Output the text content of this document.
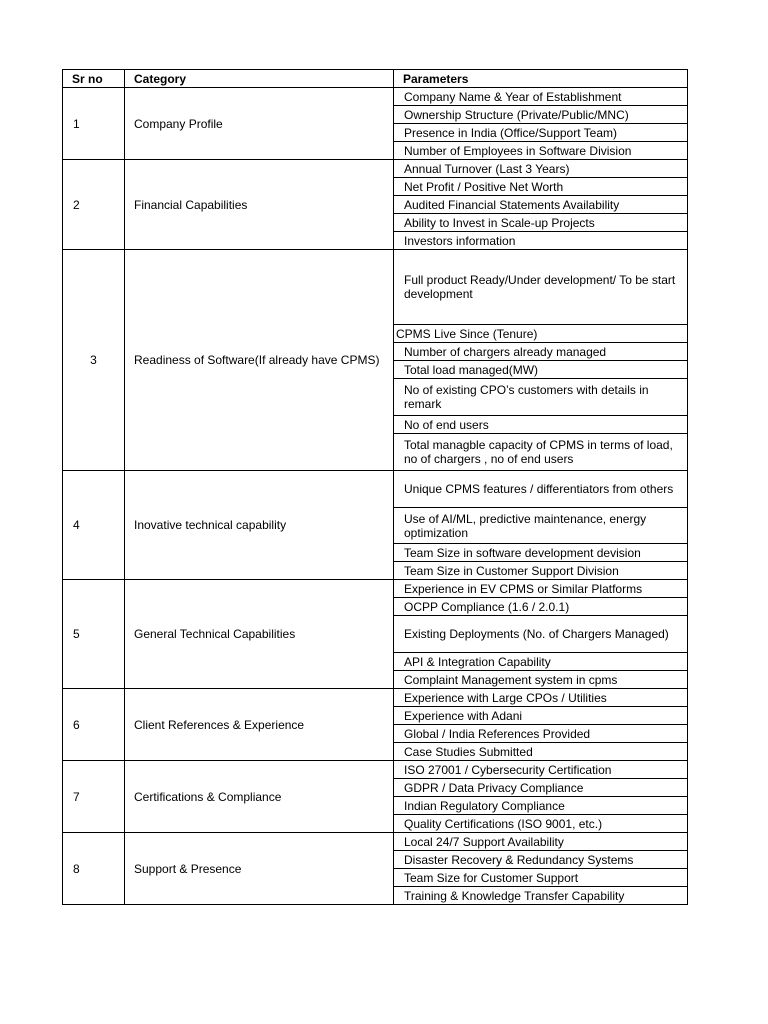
Sr no	Category	Parameters
1	Company Profile	Company Name & Year of Establishment
		Ownership Structure (Private/Public/MNC)
		Presence in India (Office/Support Team)
		Number of Employees in Software Division
2	Financial Capabilities	Annual Turnover (Last 3 Years)
		Net Profit / Positive Net Worth
		Audited Financial Statements Availability
		Ability to Invest in Scale-up Projects
		Investors information
3	Readiness of Software(If already have CPMS)	Full product Ready/Under development/ To be start development
		CPMS Live Since (Tenure)
		Number of chargers already managed
		Total load managed(MW)
		No of existing CPO’s customers with details in remark
		No of end users
		Total managble capacity of CPMS in terms of load, no of chargers , no of end users
4	Inovative technical capability	Unique CPMS features / differentiators from others
		Use of AI/ML, predictive maintenance, energy optimization
		Team Size in software development devision
		Team Size in Customer Support Division
5	General Technical Capabilities	Experience in EV CPMS or Similar Platforms
		OCPP Compliance (1.6 / 2.0.1)
		Existing Deployments (No. of Chargers Managed)
		API & Integration Capability
		Complaint Management system in cpms
6	Client References & Experience	Experience with Large CPOs / Utilities
		Experience with Adani
		Global / India References Provided
		Case Studies Submitted
7	Certifications & Compliance	ISO 27001 / Cybersecurity Certification
		GDPR / Data Privacy Compliance
		Indian Regulatory Compliance
		Quality Certifications (ISO 9001, etc.)
8	Support & Presence	Local 24/7 Support Availability
		Disaster Recovery & Redundancy Systems
		Team Size for Customer Support
		Training & Knowledge Transfer Capability
